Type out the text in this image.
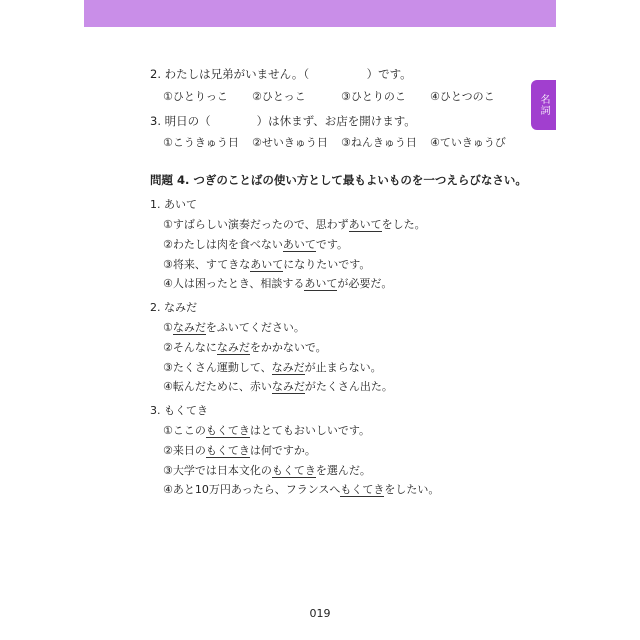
名詞
2. わたしは兄弟がいません。（　　　　　）です。
①ひとりっこ ②ひとっこ	③ひとりのこ ④ひとつのこ
3. 明日の（　　　　）は休まず、お店を開けます。
①こうきゅう日 ②せいきゅう日 ③ねんきゅう日 ④ていきゅうび
問題 4. つぎのことばの使い方として最もよいものを一つえらびなさい。
1. あいて
①すばらしい演奏だったので、思わずあいてをした。
②わたしは肉を食べないあいてです。
③将来、すてきなあいてになりたいです。
④人は困ったとき、相談するあいてが必要だ。
2. なみだ
①なみだをふいてください。
②そんなになみだをかかないで。
③たくさん運動して、なみだが止まらない。
④転んだために、赤いなみだがたくさん出た。
3. もくてき
①ここのもくてきはとてもおいしいです。
②来日のもくてきは何ですか。
③大学では日本文化のもくてきを選んだ。
④あと10万円あったら、フランスへもくてきをしたい。
019
